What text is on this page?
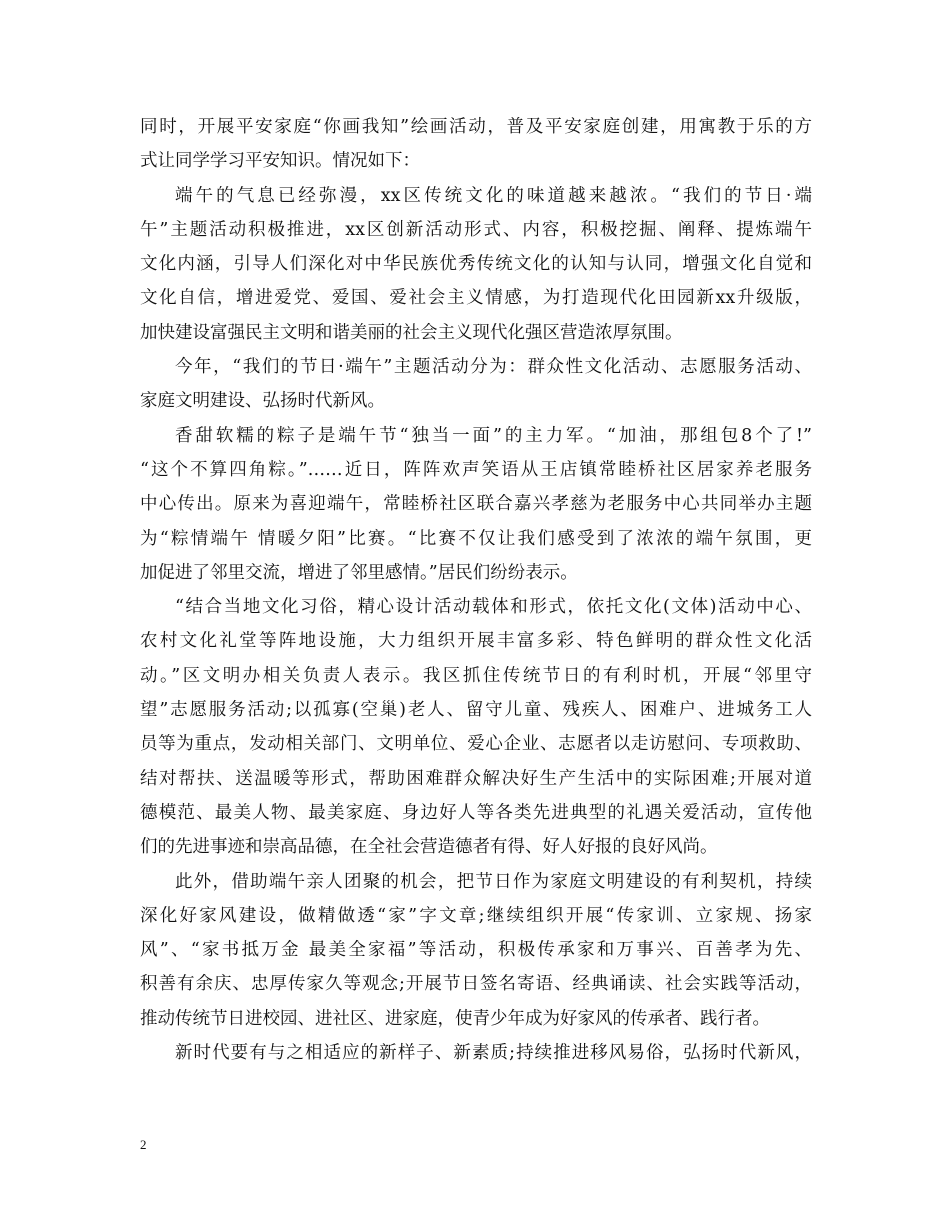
同时，开展平安家庭“你画我知”绘画活动，普及平安家庭创建，用寓教于乐的方
式让同学学习平安知识。情况如下：
端午的气息已经弥漫，xx区传统文化的味道越来越浓。“我们的节日·端
午”主题活动积极推进，xx区创新活动形式、内容，积极挖掘、阐释、提炼端午
文化内涵，引导人们深化对中华民族优秀传统文化的认知与认同，增强文化自觉和
文化自信，增进爱党、爱国、爱社会主义情感，为打造现代化田园新xx升级版，
加快建设富强民主文明和谐美丽的社会主义现代化强区营造浓厚氛围。
今年，“我们的节日·端午”主题活动分为：群众性文化活动、志愿服务活动、
家庭文明建设、弘扬时代新风。
香甜软糯的粽子是端午节“独当一面”的主力军。“加油，那组包8个了!”
“这个不算四角粽。”……近日，阵阵欢声笑语从王店镇常睦桥社区居家养老服务
中心传出。原来为喜迎端午，常睦桥社区联合嘉兴孝慈为老服务中心共同举办主题
为“粽情端午 情暖夕阳”比赛。“比赛不仅让我们感受到了浓浓的端午氛围，更
加促进了邻里交流，增进了邻里感情。”居民们纷纷表示。
“结合当地文化习俗，精心设计活动载体和形式，依托文化(文体)活动中心、
农村文化礼堂等阵地设施，大力组织开展丰富多彩、特色鲜明的群众性文化活
动。”区文明办相关负责人表示。我区抓住传统节日的有利时机，开展“邻里守
望”志愿服务活动;以孤寡(空巢)老人、留守儿童、残疾人、困难户、进城务工人
员等为重点，发动相关部门、文明单位、爱心企业、志愿者以走访慰问、专项救助、
结对帮扶、送温暖等形式，帮助困难群众解决好生产生活中的实际困难;开展对道
德模范、最美人物、最美家庭、身边好人等各类先进典型的礼遇关爱活动，宣传他
们的先进事迹和崇高品德，在全社会营造德者有得、好人好报的良好风尚。
此外，借助端午亲人团聚的机会，把节日作为家庭文明建设的有利契机，持续
深化好家风建设，做精做透“家”字文章;继续组织开展“传家训、立家规、扬家
风”、“家书抵万金 最美全家福”等活动，积极传承家和万事兴、百善孝为先、
积善有余庆、忠厚传家久等观念;开展节日签名寄语、经典诵读、社会实践等活动，
推动传统节日进校园、进社区、进家庭，使青少年成为好家风的传承者、践行者。
新时代要有与之相适应的新样子、新素质;持续推进移风易俗，弘扬时代新风，
2
